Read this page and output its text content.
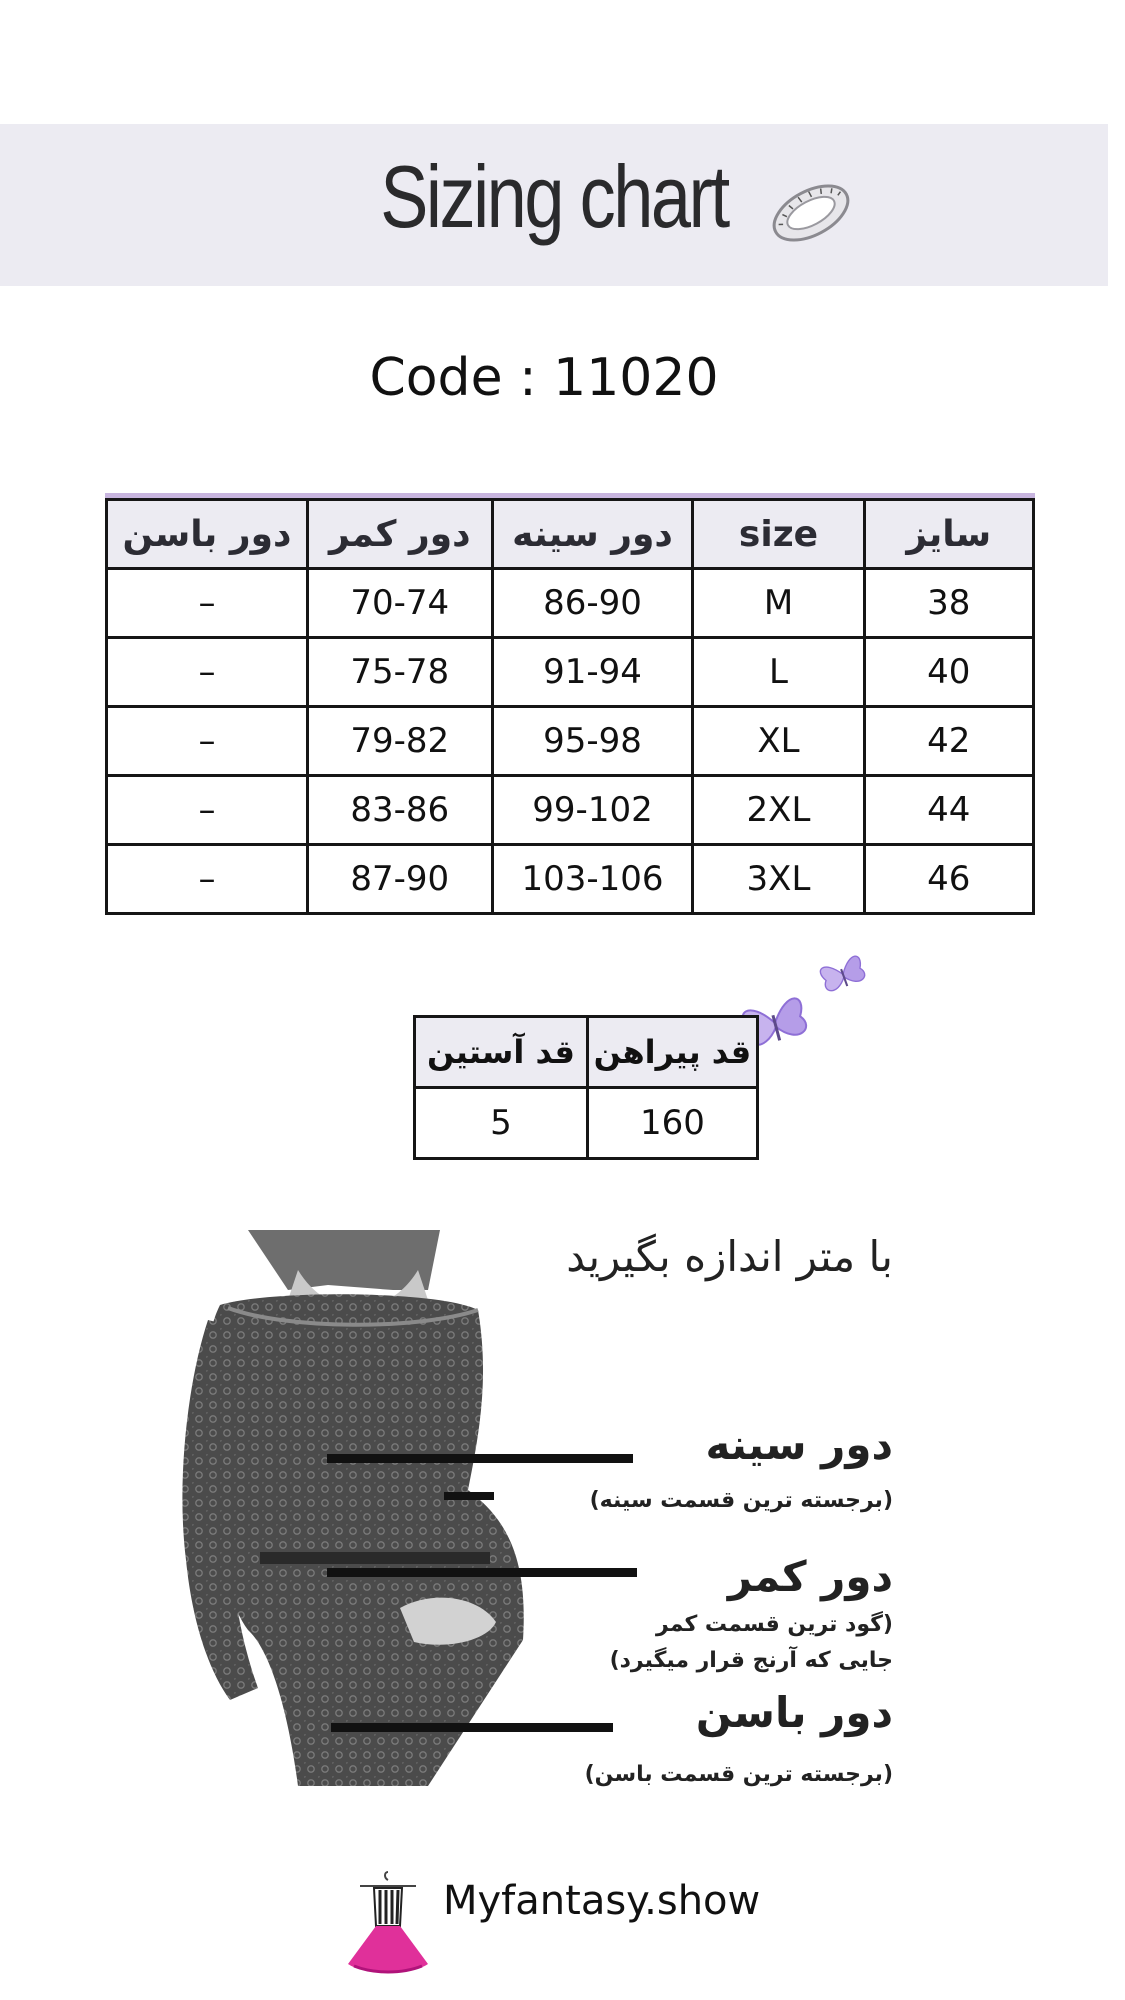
Sizing chart
Code : 11020
دور باسن	دور کمر	دور سینه	size	سایز
–	70-74	86-90	M	38
–	75-78	91-94	L	40
–	79-82	95-98	XL	42
–	83-86	99-102	2XL	44
–	87-90	103-106	3XL	46
قد آستین	قد پیراهن
5	160
با متر اندازه بگیرید
دور سینه
(برجسته ترین قسمت سینه)
دور کمر
(گود ترین قسمت کمر
جایی که آرنج قرار میگیرد)
دور باسن
(برجسته ترین قسمت باسن)
Myfantasy.show
